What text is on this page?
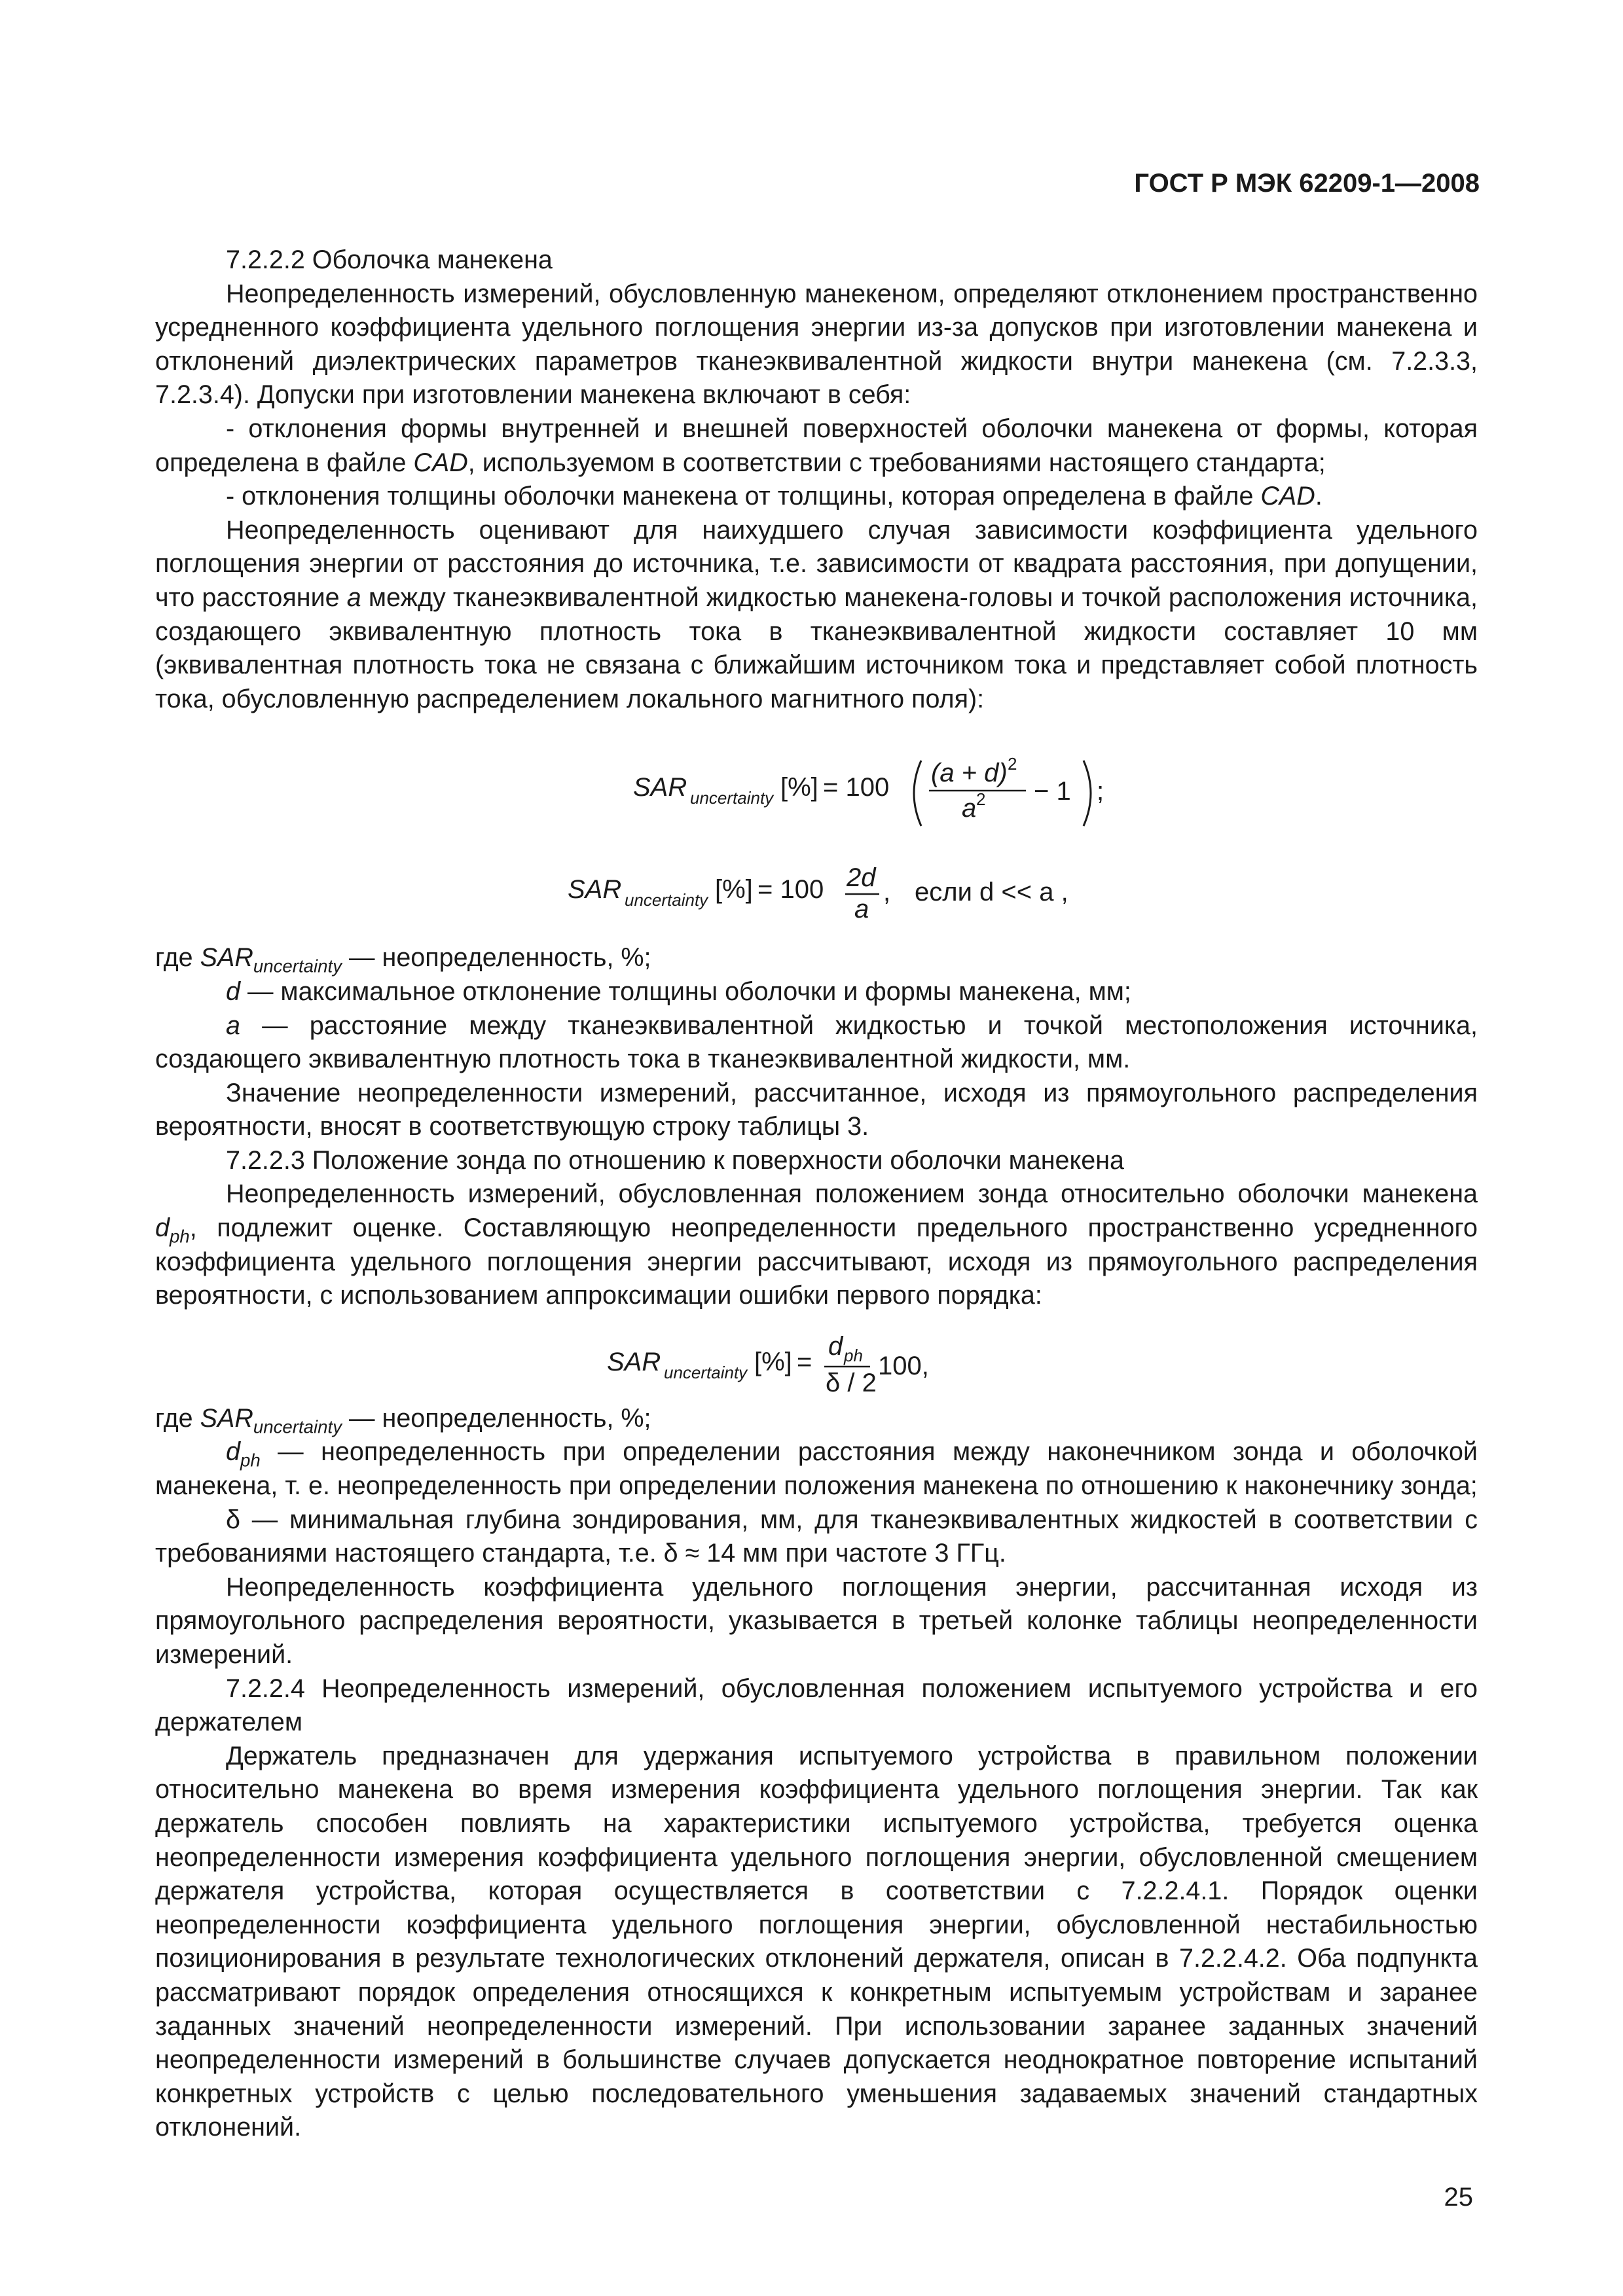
ГОСТ Р МЭК 62209-1—2008

7.2.2.2 Оболочка манекена

Неопределенность измерений, обусловленную манекеном, определяют отклонением пространственно усредненного коэффициента удельного поглощения энергии из-за допусков при изготовлении манекена и отклонений диэлектрических параметров тканеэквивалентной жидкости внутри манекена (см. 7.2.3.3, 7.2.3.4). Допуски при изготовлении манекена включают в себя:

- отклонения формы внутренней и внешней поверхностей оболочки манекена от формы, которая определена в файле CAD, используемом в соответствии с требованиями настоящего стандарта;

- отклонения толщины оболочки манекена от толщины, которая определена в файле CAD.

Неопределенность оценивают для наихудшего случая зависимости коэффициента удельного поглощения энергии от расстояния до источника, т.е. зависимости от квадрата расстояния, при допущении, что расстояние a между тканеэквивалентной жидкостью манекена-головы и точкой расположения источника, создающего эквивалентную плотность тока в тканеэквивалентной жидкости составляет 10 мм (эквивалентная плотность тока не связана с ближайшим источником тока и представляет собой плотность тока, обусловленную распределением локального магнитного поля):

SAR uncertainty [%] = 100 (a + d) 2
a 2 − 1 ;
SAR uncertainty [%] = 100 2d
a
, если d << a ,

где $SAR_{uncertainty}$ — неопределенность, %;

d — максимальное отклонение толщины оболочки и формы манекена, мм;

a — расстояние между тканеэквивалентной жидкостью и точкой местоположения источника, создающего эквивалентную плотность тока в тканеэквивалентной жидкости, мм.

Значение неопределенности измерений, рассчитанное, исходя из прямоугольного распределения вероятности, вносят в соответствующую строку таблицы 3.

7.2.2.3 Положение зонда по отношению к поверхности оболочки манекена

Неопределенность измерений, обусловленная положением зонда относительно оболочки манекена $d_{ph}$, подлежит оценке. Составляющую неопределенности предельного пространственно усредненного коэффициента удельного поглощения энергии рассчитывают, исходя из прямоугольного распределения вероятности, с использованием аппроксимации ошибки первого порядка:

SAR uncertainty [%] =
d ph
δ / 2
100,

где $SAR_{uncertainty}$ — неопределенность, %;

$d_{ph}$ — неопределенность при определении расстояния между наконечником зонда и оболочкой манекена, т. е. неопределенность при определении положения манекена по отношению к наконечнику зонда;

δ — минимальная глубина зондирования, мм, для тканеэквивалентных жидкостей в соответствии с требованиями настоящего стандарта, т.е. δ ≈ 14 мм при частоте 3 ГГц.

Неопределенность коэффициента удельного поглощения энергии, рассчитанная исходя из прямоугольного распределения вероятности, указывается в третьей колонке таблицы неопределенности измерений.

7.2.2.4 Неопределенность измерений, обусловленная положением испытуемого устройства и его держателем

Держатель предназначен для удержания испытуемого устройства в правильном положении относительно манекена во время измерения коэффициента удельного поглощения энергии. Так как держатель способен повлиять на характеристики испытуемого устройства, требуется оценка неопределенности измерения коэффициента удельного поглощения энергии, обусловленной смещением держателя устройства, которая осуществляется в соответствии с 7.2.2.4.1. Порядок оценки неопределенности коэффициента удельного поглощения энергии, обусловленной нестабильностью позиционирования в результате технологических отклонений держателя, описан в 7.2.2.4.2. Оба подпункта рассматривают порядок определения относящихся к конкретным испытуемым устройствам и заранее заданных значений неопределенности измерений. При использовании заранее заданных значений неопределенности измерений в большинстве случаев допускается неоднократное повторение испытаний конкретных устройств с целью последовательного уменьшения задаваемых значений стандартных отклонений.

25
